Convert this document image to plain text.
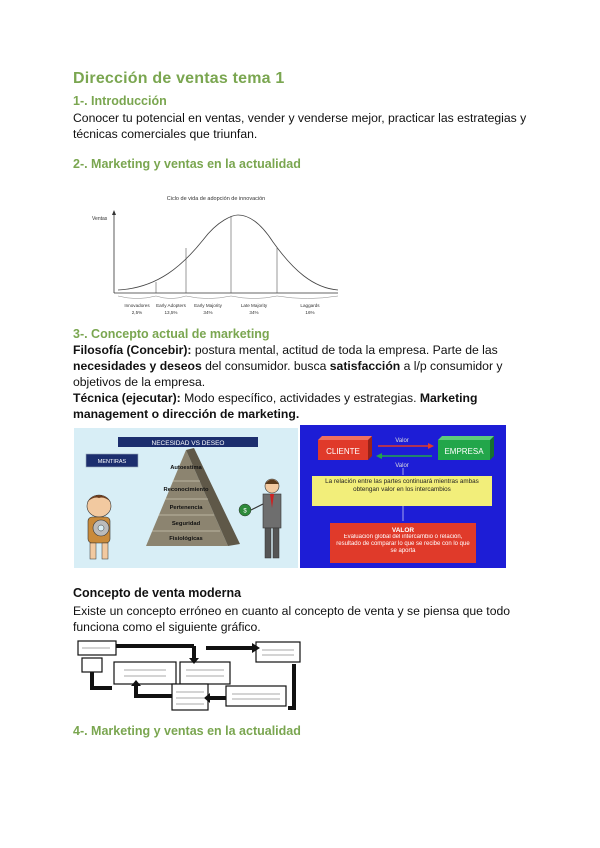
Dirección de ventas tema 1
1-. Introducción
Conocer tu potencial en ventas, vender y venderse mejor, practicar las estrategias y
técnicas comerciales que triunfan.
2-. Marketing y ventas en la actualidad
Ciclo de vida de adopción de innovación
Ventas
Innovadores
2,5%
Early Adopters
13,5%
Early Majority
34%
Late Majority
34%
Laggards
16%
3-. Concepto actual de marketing
Filosofía (Concebir): postura mental, actitud de toda la empresa. Parte de las
necesidades y deseos del consumidor. busca satisfacción a l/p consumidor y
objetivos de la empresa.
Técnica (ejecutar): Modo específico, actividades y estrategias. Marketing
management o dirección de marketing.
NECESIDAD VS DESEO
MENTIRAS
Autoestima
Reconocimiento
Pertenencia
Seguridad
Fisiológicas
$
CLIENTE	EMPRESA
Valor
Valor
La relación entre las partes continuará mientras ambas obtengan valor en los intercambios
VALOR
Evaluación global del intercambio o relación, resultado de comparar lo que se recibe con lo que se aporta
Concepto de venta moderna
Existe un concepto erróneo en cuanto al concepto de venta y se piensa que todo
funciona como el siguiente gráfico.
4-. Marketing y ventas en la actualidad
